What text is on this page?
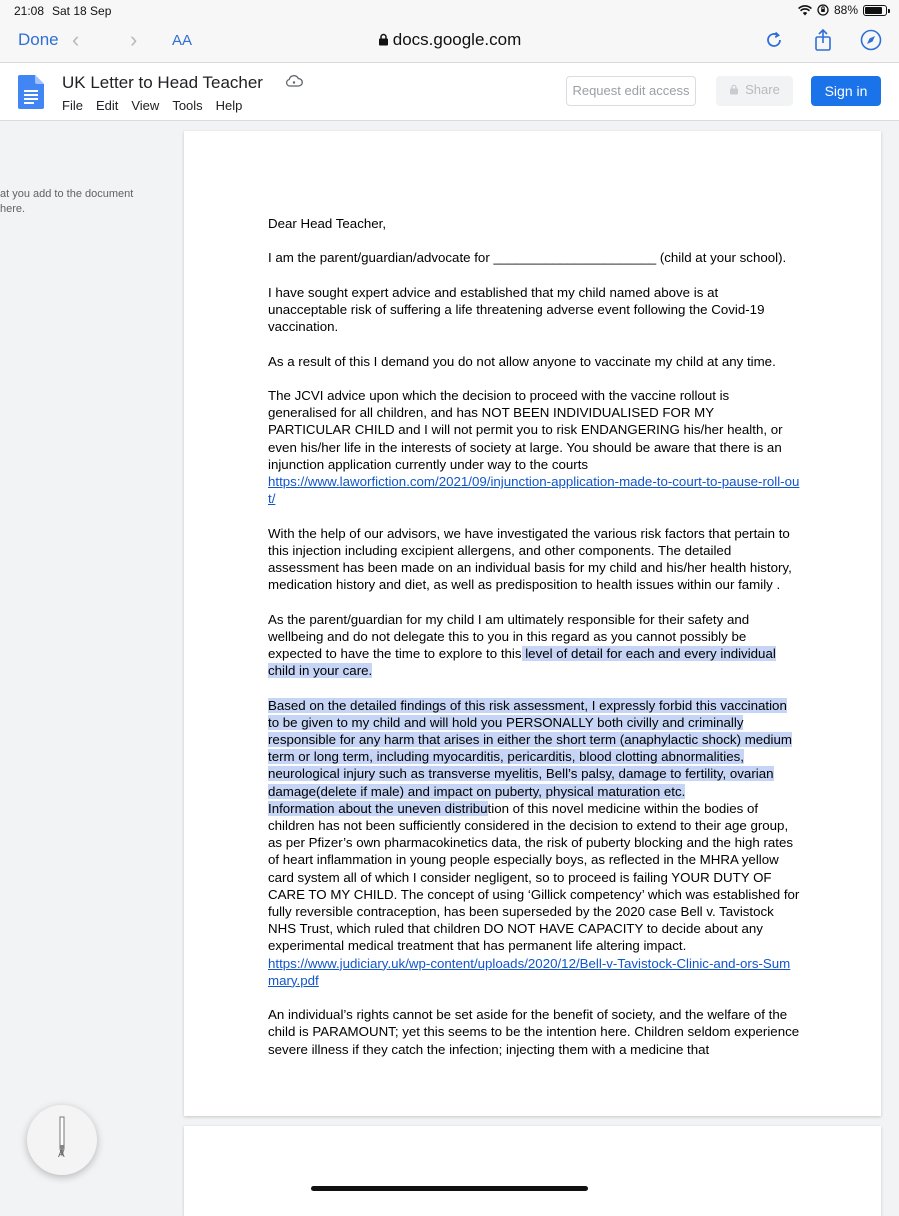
21:08 Sat 18 Sep	88%
docs.google.com
Done ‹ › AA
UK Letter to Head Teacher
File Edit View Tools Help
Request edit access	Share	Sign in
at you add to the document
here.

Dear Head Teacher,

I am the parent/guardian/advocate for ______________________ (child at your school).

I have sought expert advice and established that my child named above is at unacceptable risk of suffering a life threatening adverse event following the Covid-19 vaccination.

As a result of this I demand you do not allow anyone to vaccinate my child at any time.

The JCVI advice upon which the decision to proceed with the vaccine rollout is generalised for all children, and has NOT BEEN INDIVIDUALISED FOR MY PARTICULAR CHILD and I will not permit you to risk ENDANGERING his/her health, or even his/her life in the interests of society at large. You should be aware that there is an injunction application currently under way to the courts

https://www.laworfiction.com/2021/09/injunction-application-made-to-court-to-pause-roll-out/

With the help of our advisors, we have investigated the various risk factors that pertain to this injection including excipient allergens, and other components. The detailed assessment has been made on an individual basis for my child and his/her health history, medication history and diet, as well as predisposition to health issues within our family .

As the parent/guardian for my child I am ultimately responsible for their safety and wellbeing and do not delegate this to you in this regard as you cannot possibly be expected to have the time to explore to this level of detail for each and every individual child in your care.

Based on the detailed findings of this risk assessment, I expressly forbid this vaccination to be given to my child and will hold you PERSONALLY both civilly and criminally responsible for any harm that arises in either the short term (anaphylactic shock) medium term or long term, including myocarditis, pericarditis, blood clotting abnormalities, neurological injury such as transverse myelitis, Bell’s palsy, damage to fertility, ovarian damage(delete if male) and impact on puberty, physical maturation etc.

Information about the uneven distribution of this novel medicine within the bodies of children has not been sufficiently considered in the decision to extend to their age group, as per Pfizer’s own pharmacokinetics data, the risk of puberty blocking and the high rates of heart inflammation in young people especially boys, as reflected in the MHRA yellow card system all of which I consider negligent, so to proceed is failing YOUR DUTY OF CARE TO MY CHILD. The concept of using ‘Gillick competency’ which was established for fully reversible contraception, has been superseded by the 2020 case Bell v. Tavistock NHS Trust, which ruled that children DO NOT HAVE CAPACITY to decide about any experimental medical treatment that has permanent life altering impact.

https://www.judiciary.uk/wp-content/uploads/2020/12/Bell-v-Tavistock-Clinic-and-ors-Summary.pdf

An individual’s rights cannot be set aside for the benefit of society, and the welfare of the child is PARAMOUNT; yet this seems to be the intention here. Children seldom experience severe illness if they catch the infection; injecting them with a medicine that

A
